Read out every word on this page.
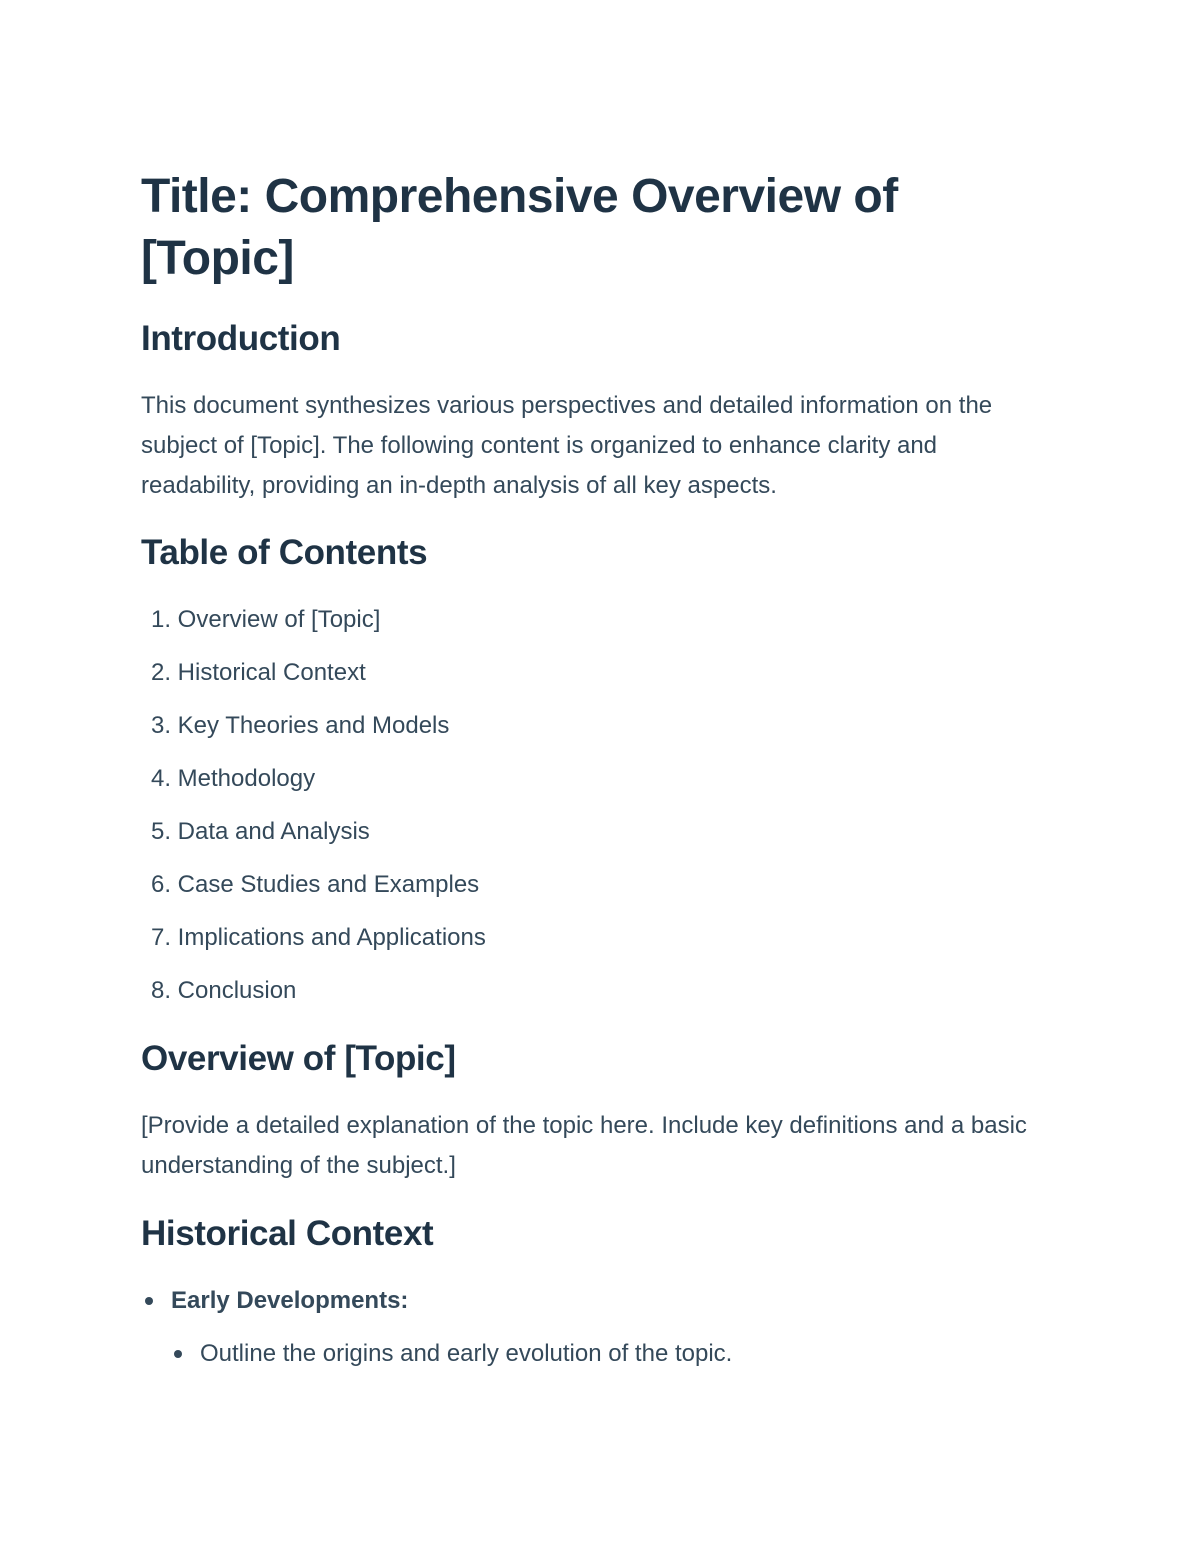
Title: Comprehensive Overview of [Topic]
Introduction

This document synthesizes various perspectives and detailed information on the subject of [Topic]. The following content is organized to enhance clarity and readability, providing an in-depth analysis of all key aspects.

Table of Contents
1. Overview of [Topic]
2. Historical Context
3. Key Theories and Models
4. Methodology
5. Data and Analysis
6. Case Studies and Examples
7. Implications and Applications
8. Conclusion
Overview of [Topic]

[Provide a detailed explanation of the topic here. Include key definitions and a basic understanding of the subject.]

Historical Context
Early Developments:
Outline the origins and early evolution of the topic.
